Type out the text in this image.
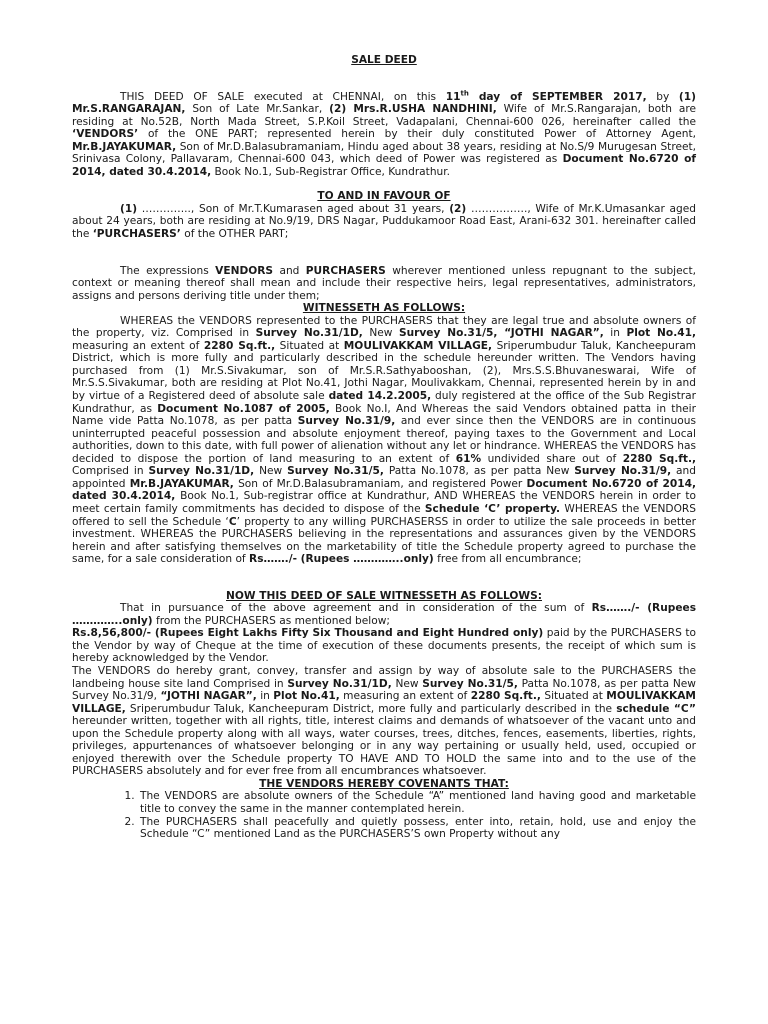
SALE DEED

THIS DEED OF SALE executed at CHENNAI, on this 11th day of SEPTEMBER 2017, by (1) Mr.S.RANGARAJAN, Son of Late Mr.Sankar, (2) Mrs.R.USHA NANDHINI, Wife of Mr.S.Rangarajan, both are residing at No.52B, North Mada Street, S.P.Koil Street, Vadapalani, Chennai-600 026, hereinafter called the ‘VENDORS’ of the ONE PART; represented herein by their duly constituted Power of Attorney Agent, Mr.B.JAYAKUMAR, Son of Mr.D.Balasubramaniam, Hindu aged about 38 years, residing at No.S/9 Murugesan Street, Srinivasa Colony, Pallavaram, Chennai-600 043, which deed of Power was registered as Document No.6720 of 2014, dated 30.4.2014, Book No.1, Sub-Registrar Office, Kundrathur.

TO AND IN FAVOUR OF

(1) ………….., Son of Mr.T.Kumarasen aged about 31 years, (2) ……………., Wife of Mr.K.Umasankar aged about 24 years, both are residing at No.9/19, DRS Nagar, Puddukamoor Road East, Arani-632 301. hereinafter called the ‘PURCHASERS’ of the OTHER PART;

The expressions VENDORS and PURCHASERS wherever mentioned unless repugnant to the subject, context or meaning thereof shall mean and include their respective heirs, legal representatives, administrators, assigns and persons deriving title under them;

WITNESSETH AS FOLLOWS:

WHEREAS the VENDORS represented to the PURCHASERS that they are legal true and absolute owners of the property, viz. Comprised in Survey No.31/1D, New Survey No.31/5, “JOTHI NAGAR”, in Plot No.41, measuring an extent of 2280 Sq.ft., Situated at MOULIVAKKAM VILLAGE, Sriperumbudur Taluk, Kancheepuram District, which is more fully and particularly described in the schedule hereunder written. The Vendors having purchased from (1) Mr.S.Sivakumar, son of Mr.S.R.Sathyabooshan, (2), Mrs.S.S.Bhuvaneswarai, Wife of Mr.S.S.Sivakumar, both are residing at Plot No.41, Jothi Nagar, Moulivakkam, Chennai, represented herein by in and by virtue of a Registered deed of absolute sale dated 14.2.2005, duly registered at the office of the Sub Registrar Kundrathur, as Document No.1087 of 2005, Book No.I, And Whereas the said Vendors obtained patta in their Name vide Patta No.1078, as per patta Survey No.31/9, and ever since then the VENDORS are in continuous uninterrupted peaceful possession and absolute enjoyment thereof, paying taxes to the Government and Local authorities, down to this date, with full power of alienation without any let or hindrance. WHEREAS the VENDORS has decided to dispose the portion of land measuring to an extent of 61% undivided share out of 2280 Sq.ft., Comprised in Survey No.31/1D, New Survey No.31/5, Patta No.1078, as per patta New Survey No.31/9, and appointed Mr.B.JAYAKUMAR, Son of Mr.D.Balasubramaniam, and registered Power Document No.6720 of 2014, dated 30.4.2014, Book No.1, Sub-registrar office at Kundrathur, AND WHEREAS the VENDORS herein in order to meet certain family commitments has decided to dispose of the Schedule ‘C’ property. WHEREAS the VENDORS offered to sell the Schedule ‘C’ property to any willing PURCHASERSS in order to utilize the sale proceeds in better investment. WHEREAS the PURCHASERS believing in the representations and assurances given by the VENDORS herein and after satisfying themselves on the marketability of title the Schedule property agreed to purchase the same, for a sale consideration of Rs……./- (Rupees …………..only) free from all encumbrance;

NOW THIS DEED OF SALE WITNESSETH AS FOLLOWS:

That in pursuance of the above agreement and in consideration of the sum of Rs……./- (Rupees …………..only) from the PURCHASERS as mentioned below;

Rs.8,56,800/- (Rupees Eight Lakhs Fifty Six Thousand and Eight Hundred only) paid by the PURCHASERS to the Vendor by way of Cheque at the time of execution of these documents presents, the receipt of which sum is hereby acknowledged by the Vendor.

The VENDORS do hereby grant, convey, transfer and assign by way of absolute sale to the PURCHASERS the landbeing house site land Comprised in Survey No.31/1D, New Survey No.31/5, Patta No.1078, as per patta New Survey No.31/9, “JOTHI NAGAR”, in Plot No.41, measuring an extent of 2280 Sq.ft., Situated at MOULIVAKKAM VILLAGE, Sriperumbudur Taluk, Kancheepuram District, more fully and particularly described in the schedule “C” hereunder written, together with all rights, title, interest claims and demands of whatsoever of the vacant unto and upon the Schedule property along with all ways, water courses, trees, ditches, fences, easements, liberties, rights, privileges, appurtenances of whatsoever belonging or in any way pertaining or usually held, used, occupied or enjoyed therewith over the Schedule property TO HAVE AND TO HOLD the same into and to the use of the PURCHASERS absolutely and for ever free from all encumbrances whatsoever.

THE VENDORS HEREBY COVENANTS THAT:

1. The VENDORS are absolute owners of the Schedule “A” mentioned land having good and marketable title to convey the same in the manner contemplated herein.
2. The PURCHASERS shall peacefully and quietly possess, enter into, retain, hold, use and enjoy the Schedule “C” mentioned Land as the PURCHASERS’S own Property without any
